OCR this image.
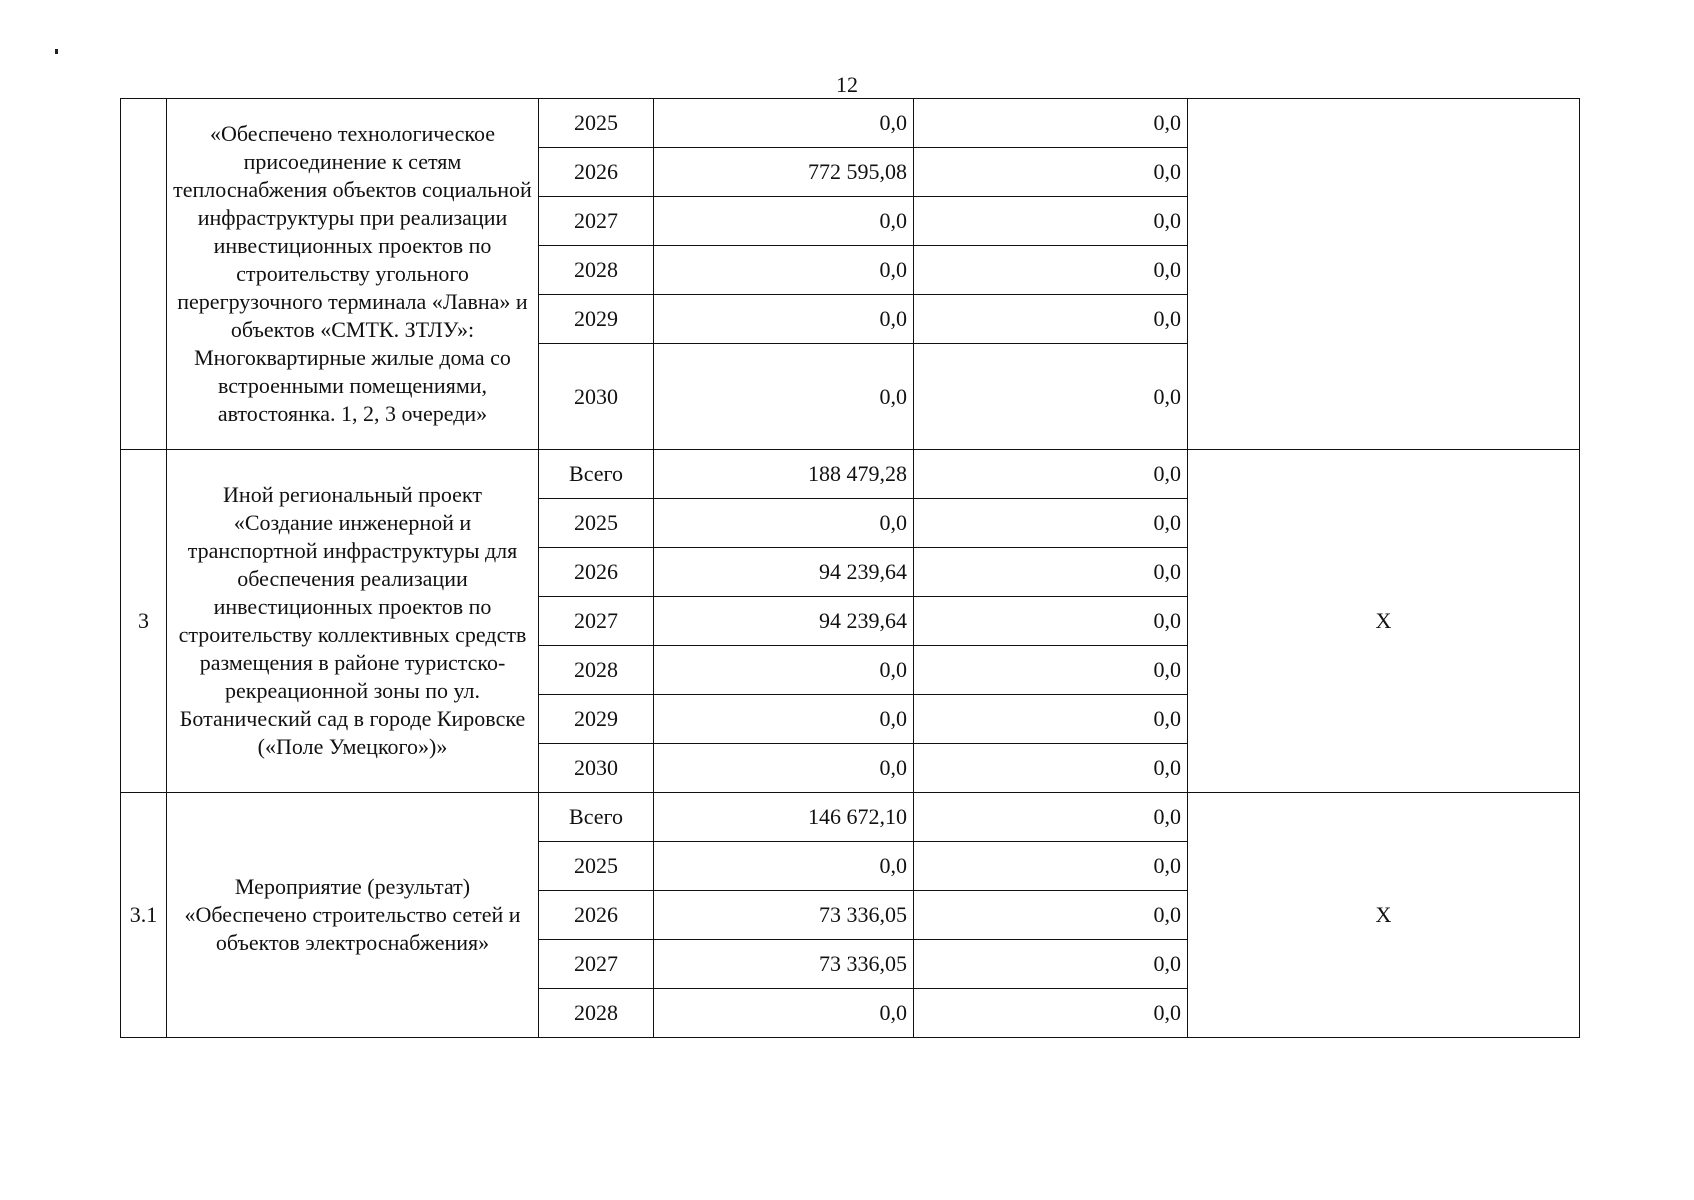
12
	«Обеспечено технологическое присоединение к сетям теплоснабжения объектов социальной инфраструктуры при реализации инвестиционных проектов по строительству угольного перегрузочного терминала «Лавна» и объектов «СМТК. ЗТЛУ»: Многоквартирные жилые дома со встроенными помещениями, автостоянка. 1, 2, 3 очереди»	2025	0,0	0,0	
		2026	772 595,08	0,0	
		2027	0,0	0,0	
		2028	0,0	0,0	
		2029	0,0	0,0	
		2030	0,0	0,0	
3	Иной региональный проект «Создание инженерной и транспортной инфраструктуры для обеспечения реализации инвестиционных проектов по строительству коллективных средств размещения в районе туристско-рекреационной зоны по ул. Ботанический сад в городе Кировске («Поле Умецкого»)»	Всего	188 479,28	0,0	X
		2025	0,0	0,0	
		2026	94 239,64	0,0	
		2027	94 239,64	0,0	
		2028	0,0	0,0	
		2029	0,0	0,0	
		2030	0,0	0,0	
3.1	Мероприятие (результат) «Обеспечено строительство сетей и объектов электроснабжения»	Всего	146 672,10	0,0	X
		2025	0,0	0,0	
		2026	73 336,05	0,0	
		2027	73 336,05	0,0	
		2028	0,0	0,0	
